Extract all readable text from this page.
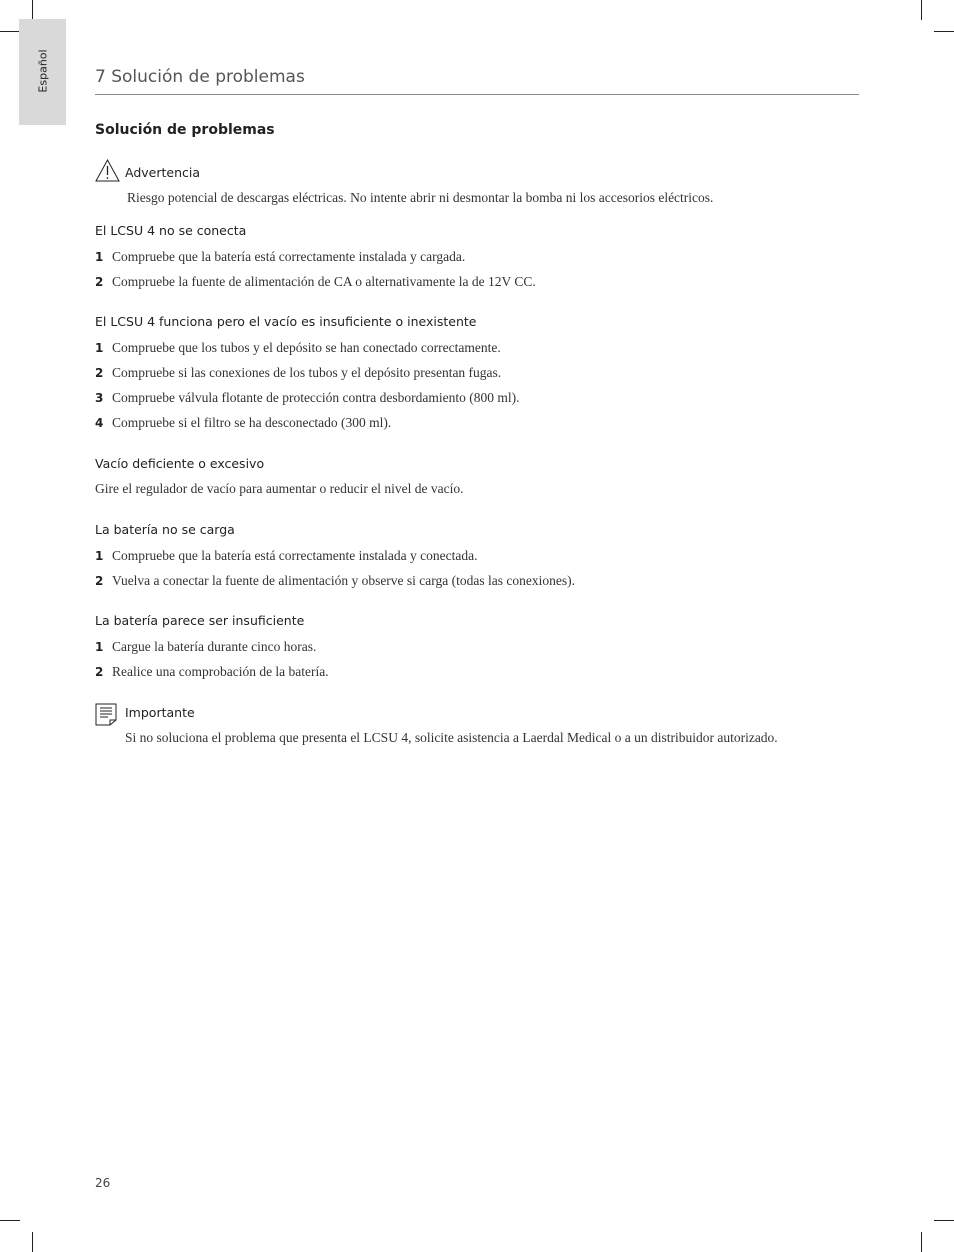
Español	7 Solución de problemas
Solución de problemas

Advertencia

Riesgo potencial de descargas eléctricas. No intente abrir ni desmontar la bomba ni los accesorios eléctricos.

El LCSU 4 no se conecta

1 Compruebe que la batería está correctamente instalada y cargada.
2 Compruebe la fuente de alimentación de CA o alternativamente la de 12V CC.

El LCSU 4 funciona pero el vacío es insuficiente o inexistente

1 Compruebe que los tubos y el depósito se han conectado correctamente.
2 Compruebe si las conexiones de los tubos y el depósito presentan fugas.
3 Compruebe válvula flotante de protección contra desbordamiento (800 ml).
4 Compruebe si el filtro se ha desconectado (300 ml).

Vacío deficiente o excesivo

Gire el regulador de vacío para aumentar o reducir el nivel de vacío.

La batería no se carga

1 Compruebe que la batería está correctamente instalada y conectada.
2 Vuelva a conectar la fuente de alimentación y observe si carga (todas las conexiones).

La batería parece ser insuficiente

1 Cargue la batería durante cinco horas.
2 Realice una comprobación de la batería.

Importante

Si no soluciona el problema que presenta el LCSU 4, solicite asistencia a Laerdal Medical o a un distribuidor autorizado.

26
